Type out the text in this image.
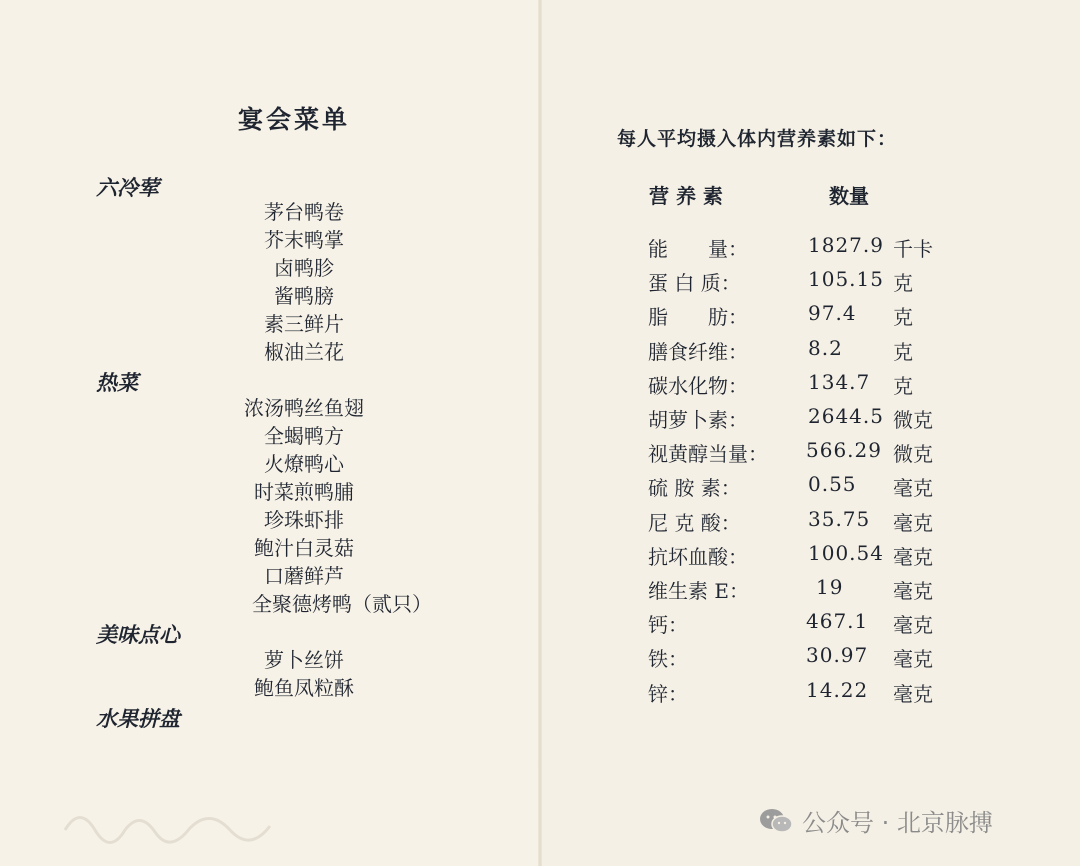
宴会菜单
六冷荤
茅台鸭卷
芥末鸭掌
卤鸭胗
酱鸭膀
素三鲜片
椒油兰花
热菜
浓汤鸭丝鱼翅
全蝎鸭方
火燎鸭心
时菜煎鸭脯
珍珠虾排
鲍汁白灵菇
口蘑鲜芦
全聚德烤鸭（贰只）
美味点心
萝卜丝饼
鲍鱼凤粒酥
水果拼盘
每人平均摄入体内营养素如下：
营 养 素	数量
能　　量：	1827.9 千卡
蛋 白 质：	105.15 克
脂　　肪：	97.4 克
膳食纤维：	8.2	克
碳水化物：	134.7 克
胡萝卜素：	2644.5 微克
视黄醇当量： 566.29 微克
硫 胺 素：	0.55 毫克
尼 克 酸：	35.75 毫克
抗坏血酸：	100.54 毫克
维生素 E：	19 毫克
钙：	467.1 毫克
铁：	30.97 毫克
锌：	14.22 毫克
公众号 · 北京脉搏
